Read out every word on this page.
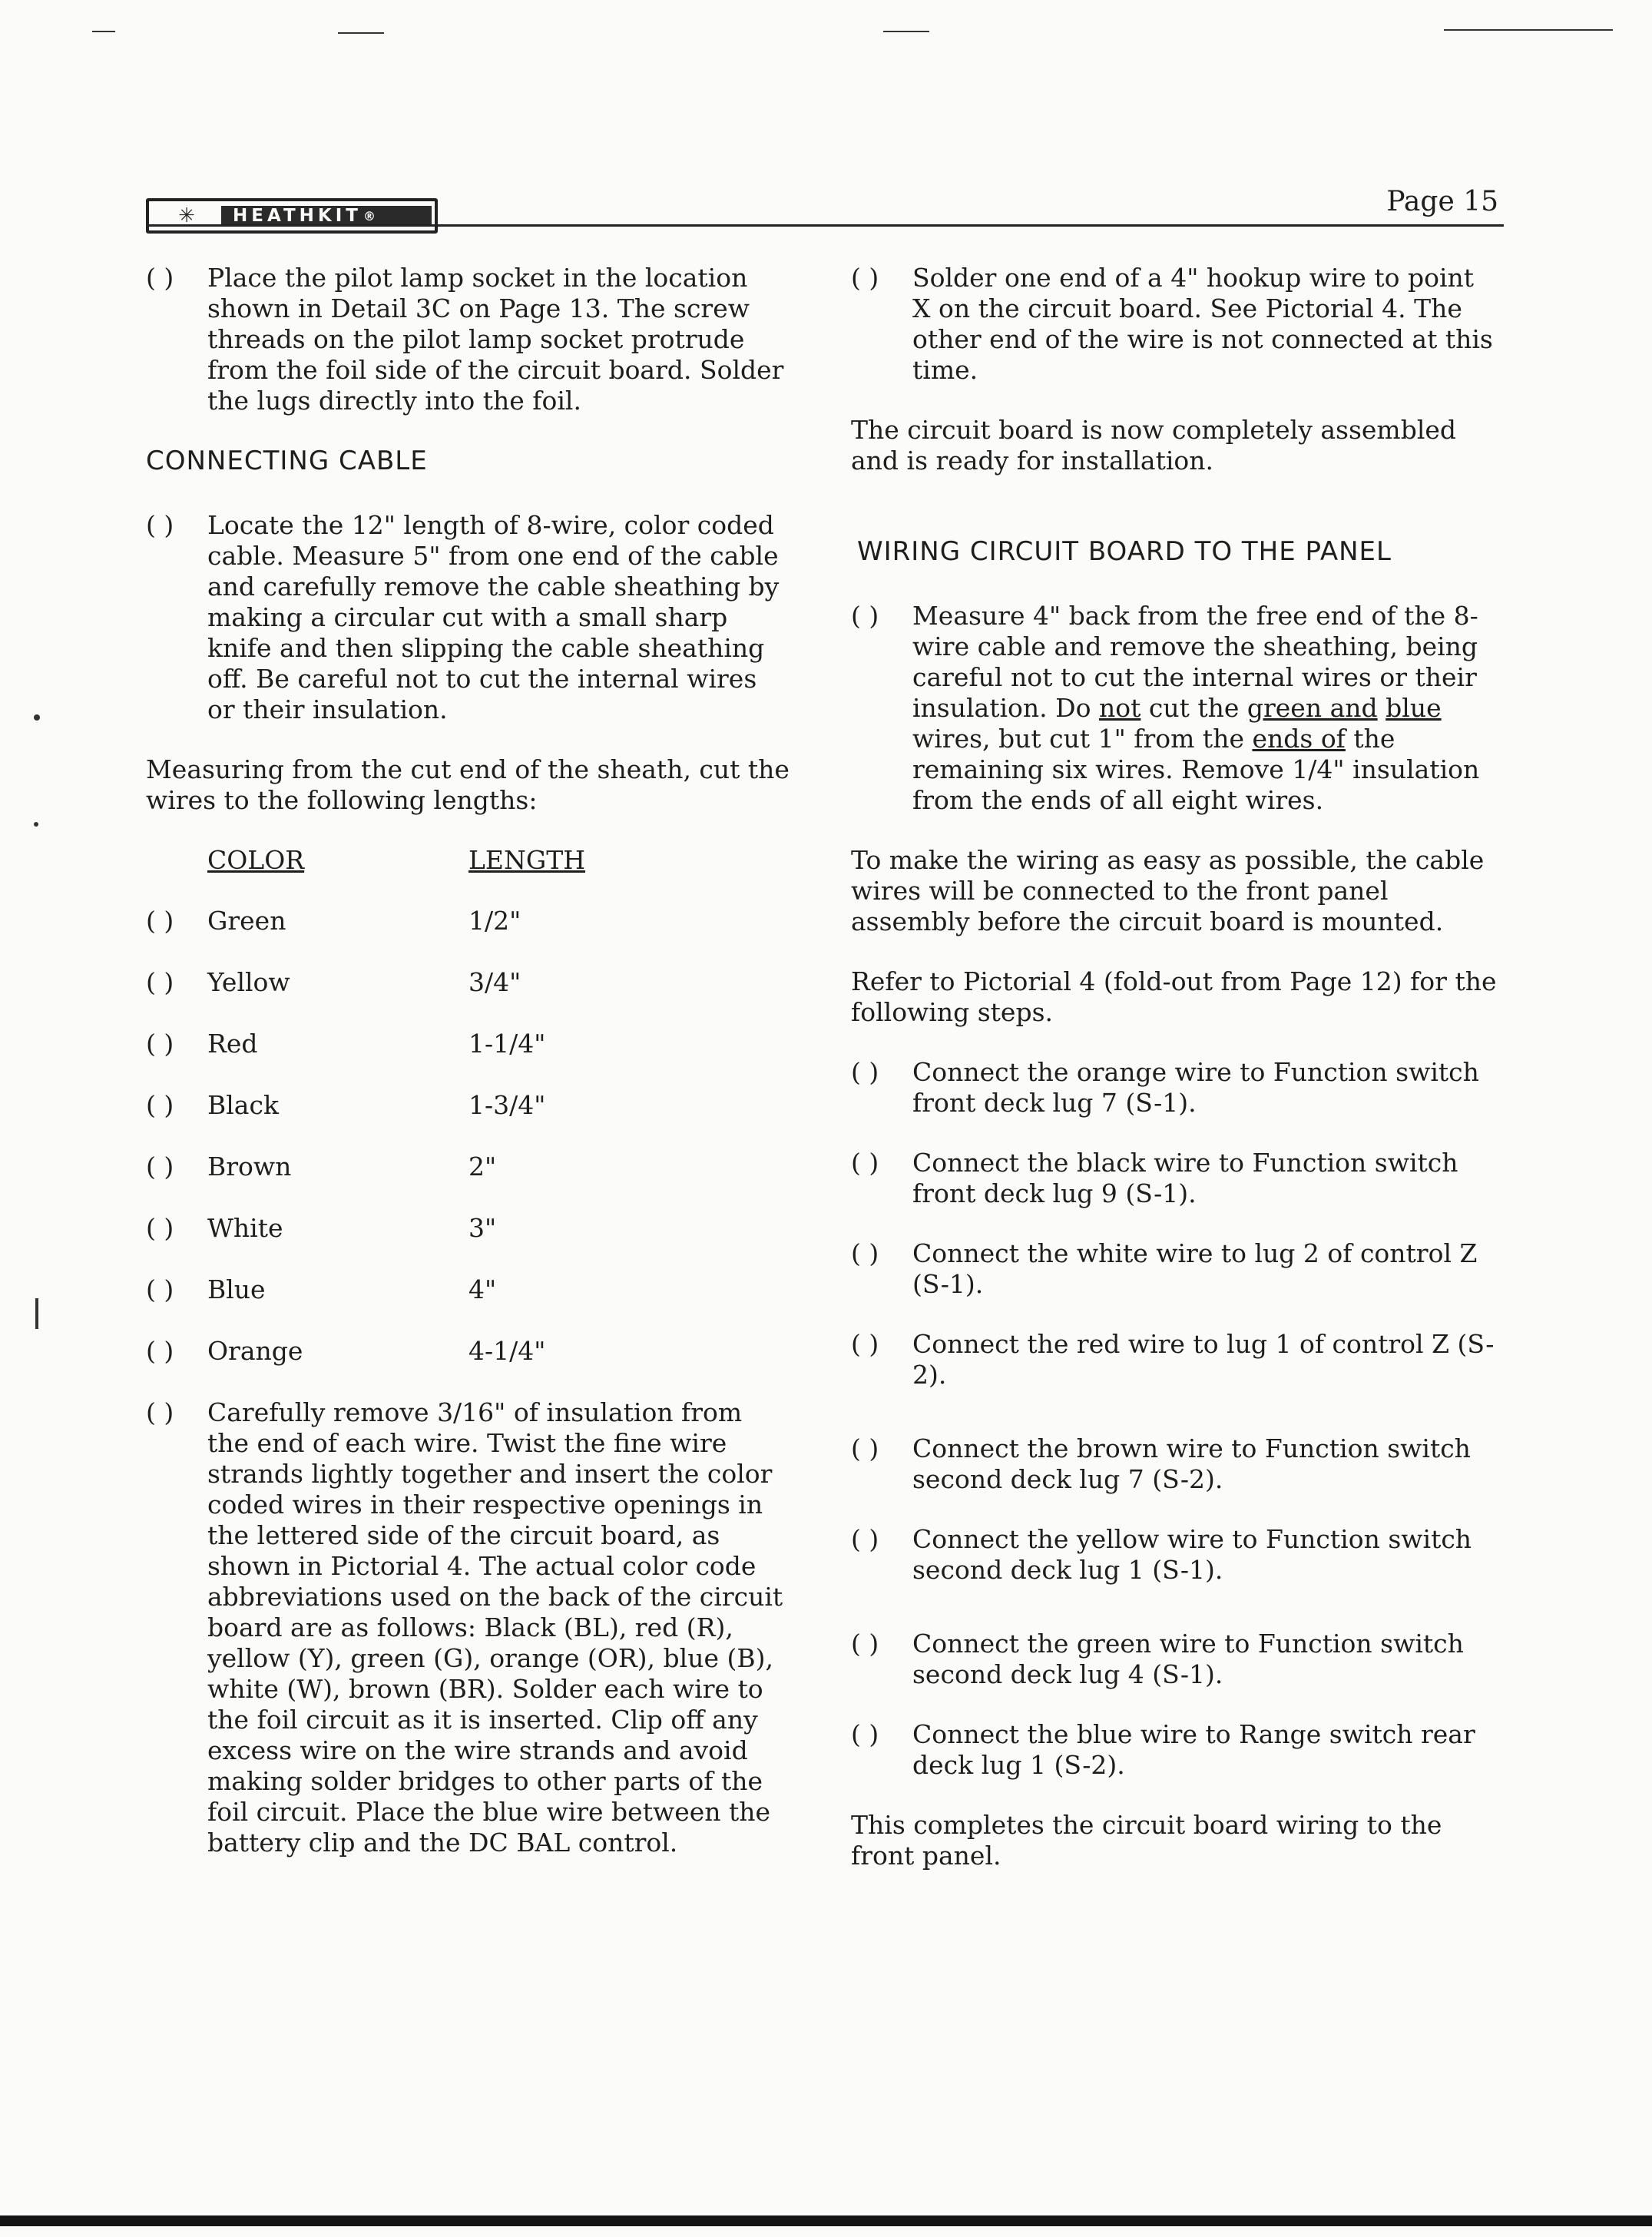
✳	HEATHKIT ®	Page 15
( )	Place the pilot lamp socket in the location shown in Detail 3C on Page 13. The screw threads on the pilot lamp socket protrude from the foil side of the circuit board. Solder the lugs directly into the foil.
CONNECTING CABLE
( )	Locate the 12" length of 8-wire, color coded cable. Measure 5" from one end of the cable and carefully remove the cable sheathing by making a circular cut with a small sharp knife and then slipping the cable sheathing off. Be careful not to cut the internal wires or their insulation.
Measuring from the cut end of the sheath, cut the wires to the following lengths:
COLOR	LENGTH
( )	Green	1/2"
( )	Yellow	3/4"
( )	Red	1-1/4"
( )	Black	1-3/4"
( )	Brown	2"
( )	White	3"
( )	Blue	4"
( )	Orange	4-1/4"
( )	Carefully remove 3/16" of insulation from the end of each wire. Twist the fine wire strands lightly together and insert the color coded wires in their respective openings in the lettered side of the circuit board, as shown in Pictorial 4. The actual color code abbreviations used on the back of the circuit board are as follows: Black (BL), red (R), yellow (Y), green (G), orange (OR), blue (B), white (W), brown (BR). Solder each wire to the foil circuit as it is inserted. Clip off any excess wire on the wire strands and avoid making solder bridges to other parts of the foil circuit. Place the blue wire between the battery clip and the DC BAL control.
( )	Solder one end of a 4" hookup wire to point X on the circuit board. See Pictorial 4. The other end of the wire is not connected at this time.
The circuit board is now completely assembled and is ready for installation.
WIRING CIRCUIT BOARD TO THE PANEL
( )	Measure 4" back from the free end of the 8-wire cable and remove the sheathing, being careful not to cut the internal wires or their insulation. Do not cut the green and blue wires, but cut 1" from the ends of the remaining six wires. Remove 1/4" insulation from the ends of all eight wires.
To make the wiring as easy as possible, the cable wires will be connected to the front panel assembly before the circuit board is mounted.
Refer to Pictorial 4 (fold-out from Page 12) for the following steps.
( )	Connect the orange wire to Function switch front deck lug 7 (S-1).
( )	Connect the black wire to Function switch front deck lug 9 (S-1).
( )	Connect the white wire to lug 2 of control Z (S-1).
( )	Connect the red wire to lug 1 of control Z (S-2).
( )	Connect the brown wire to Function switch second deck lug 7 (S-2).
( )	Connect the yellow wire to Function switch second deck lug 1 (S-1).
( )	Connect the green wire to Function switch second deck lug 4 (S-1).
( )	Connect the blue wire to Range switch rear deck lug 1 (S-2).
This completes the circuit board wiring to the front panel.
